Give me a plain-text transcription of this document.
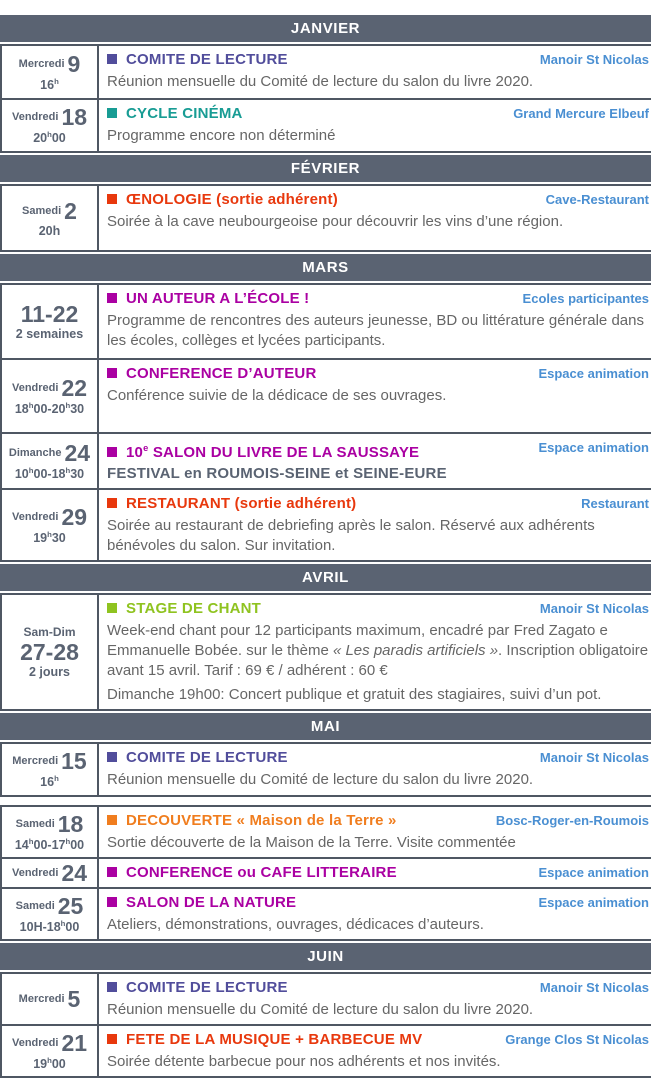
JANVIER
Mercredi 9
16$^h$
COMITE DE LECTURE	Manoir St Nicolas
Réunion mensuelle du Comité de lecture du salon du livre 2020.
Vendredi 18
20$^h$00
CYCLE CINÉMA	Grand Mercure Elbeuf
Programme encore non déterminé
FÉVRIER
Samedi 2
20h
ŒNOLOGIE (sortie adhérent)	Cave-Restaurant
Soirée à la cave neubourgeoise pour découvrir les vins d’une région.
MARS
11-22
2 semaines
UN AUTEUR A L’ÉCOLE !	Ecoles participantes
Programme de rencontres des auteurs jeunesse, BD ou littérature générale dans les écoles, collèges et lycées participants.
Vendredi 22
18$^h$00-20$^h$30
CONFERENCE D’AUTEUR	Espace animation
Conférence suivie de la dédicace de ses ouvrages.
Dimanche 24
10$^h$00-18$^h$30
10e SALON DU LIVRE DE LA SAUSSAYE	Espace animation
FESTIVAL en ROUMOIS-SEINE et SEINE-EURE
Vendredi 29
19$^h$30
RESTAURANT (sortie adhérent)	Restaurant
Soirée au restaurant de debriefing après le salon. Réservé aux adhérents bénévoles du salon. Sur invitation.
AVRIL
Sam-Dim
27-28
2 jours
STAGE DE CHANT	Manoir St Nicolas
Week-end chant pour 12 participants maximum, encadré par Fred Zagato e Emmanuelle Bobée. sur le thème « Les paradis artificiels ». Inscription obligatoire avant 15 avril. Tarif : 69 € / adhérent : 60 €
Dimanche 19h00: Concert publique et gratuit des stagiaires, suivi d’un pot.
MAI
Mercredi 15
16$^h$
COMITE DE LECTURE	Manoir St Nicolas
Réunion mensuelle du Comité de lecture du salon du livre 2020.
Samedi 18
14$^h$00-17$^h$00
DECOUVERTE « Maison de la Terre »	Bosc-Roger-en-Roumois
Sortie découverte de la Maison de la Terre. Visite commentée
Vendredi 24	CONFERENCE ou CAFE LITTERAIRE	Espace animation
Samedi 25
10H-18$^h$00
SALON DE LA NATURE	Espace animation
Ateliers, démonstrations, ouvrages, dédicaces d’auteurs.
JUIN
Mercredi 5	COMITE DE LECTURE	Manoir St Nicolas
Réunion mensuelle du Comité de lecture du salon du livre 2020.
Vendredi 21
19$^h$00
FETE DE LA MUSIQUE + BARBECUE MV	Grange Clos St Nicolas
Soirée détente barbecue pour nos adhérents et nos invités.
